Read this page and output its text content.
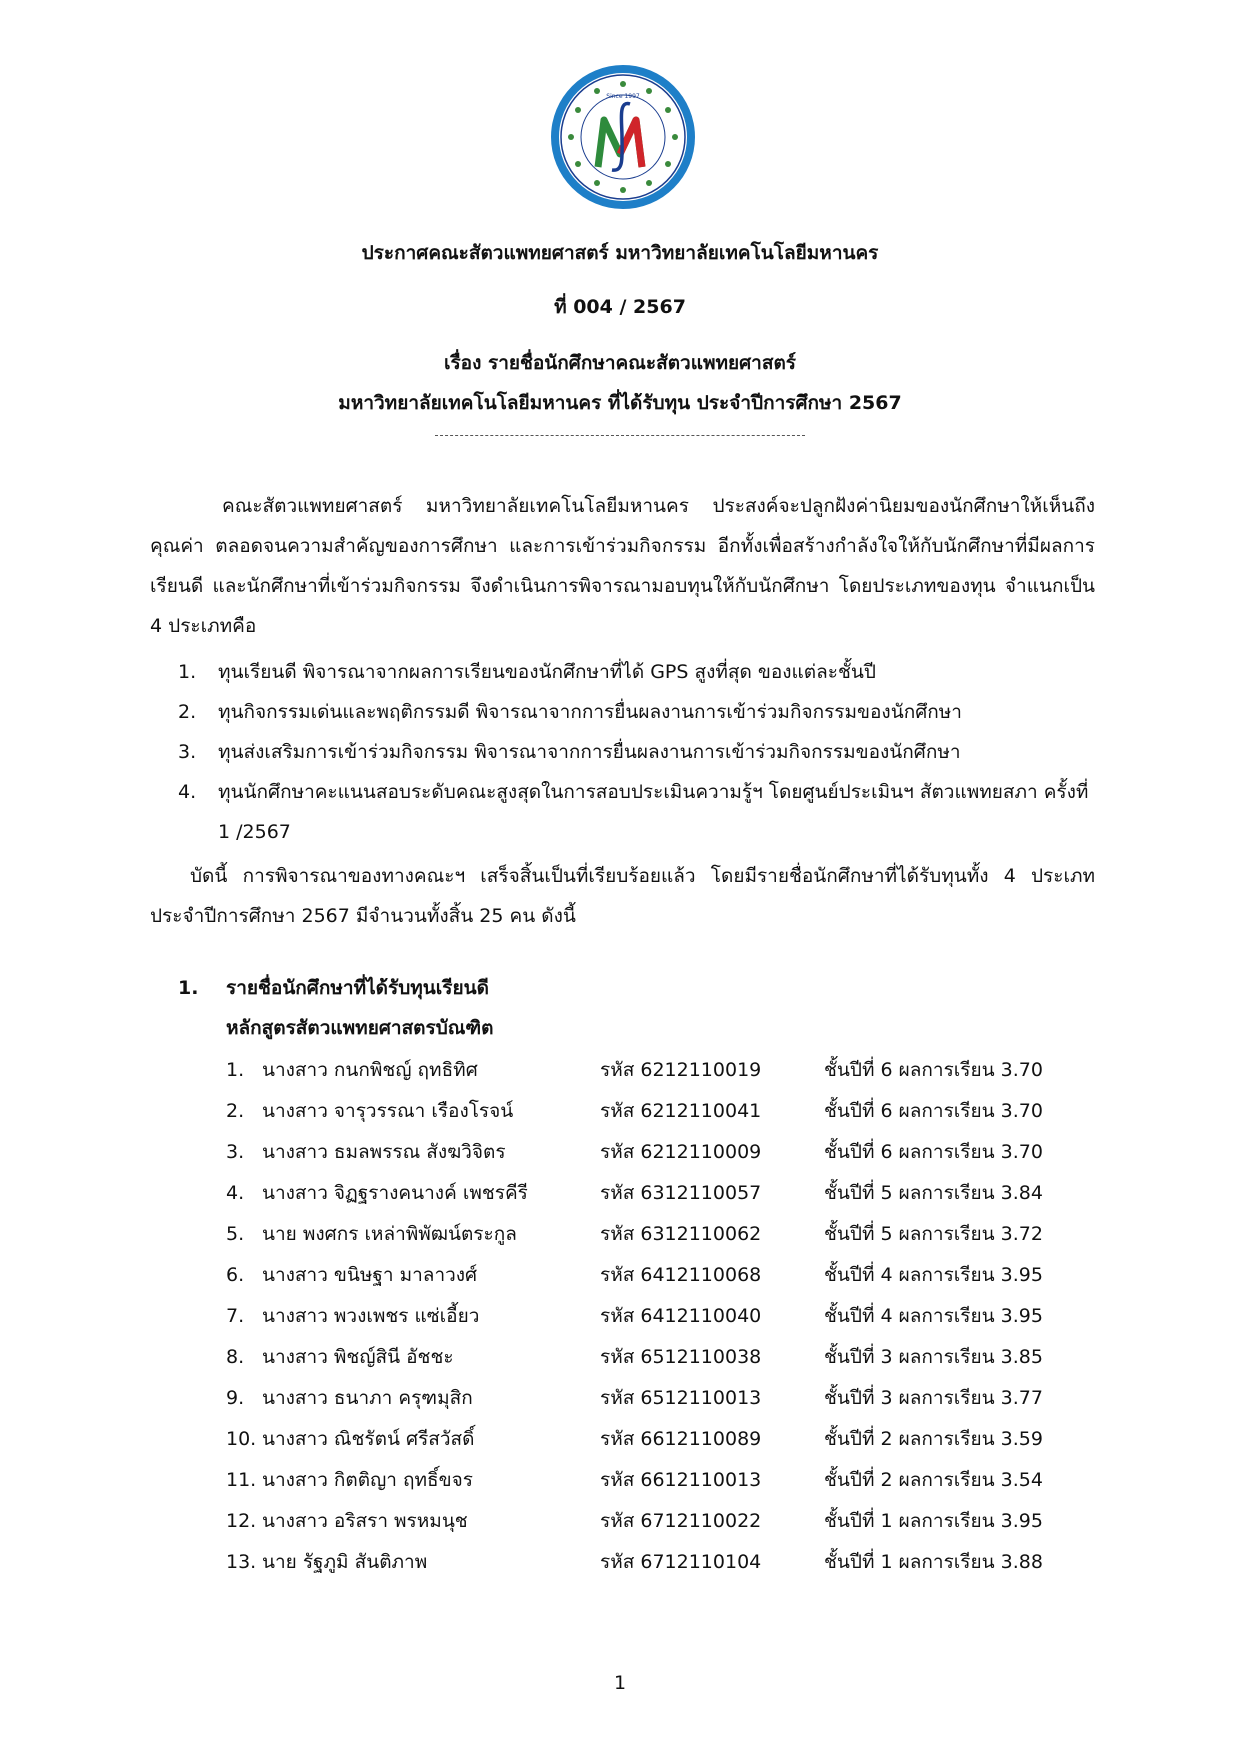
Since 1997
ประกาศคณะสัตวแพทยศาสตร์ มหาวิทยาลัยเทคโนโลยีมหานคร
ที่ 004 / 2567
เรื่อง รายชื่อนักศึกษาคณะสัตวแพทยศาสตร์
มหาวิทยาลัยเทคโนโลยีมหานคร ที่ได้รับทุน ประจำปีการศึกษา 2567

คณะสัตวแพทยศาสตร์ มหาวิทยาลัยเทคโนโลยีมหานคร ประสงค์จะปลูกฝังค่านิยมของนักศึกษาให้เห็นถึงคุณค่า ตลอดจนความสำคัญของการศึกษา และการเข้าร่วมกิจกรรม อีกทั้งเพื่อสร้างกำลังใจให้กับนักศึกษาที่มีผลการเรียนดี และนักศึกษาที่เข้าร่วมกิจกรรม จึงดำเนินการพิจารณามอบทุนให้กับนักศึกษา โดยประเภทของทุน จำแนกเป็น 4 ประเภทคือ

1. ทุนเรียนดี พิจารณาจากผลการเรียนของนักศึกษาที่ได้ GPS สูงที่สุด ของแต่ละชั้นปี
2. ทุนกิจกรรมเด่นและพฤติกรรมดี พิจารณาจากการยื่นผลงานการเข้าร่วมกิจกรรมของนักศึกษา
3. ทุนส่งเสริมการเข้าร่วมกิจกรรม พิจารณาจากการยื่นผลงานการเข้าร่วมกิจกรรมของนักศึกษา
4. ทุนนักศึกษาคะแนนสอบระดับคณะสูงสุดในการสอบประเมินความรู้ฯ โดยศูนย์ประเมินฯ สัตวแพทยสภา ครั้งที่ 1 /2567

บัดนี้ การพิจารณาของทางคณะฯ เสร็จสิ้นเป็นที่เรียบร้อยแล้ว โดยมีรายชื่อนักศึกษาที่ได้รับทุนทั้ง 4 ประเภท ประจำปีการศึกษา 2567 มีจำนวนทั้งสิ้น 25 คน ดังนี้

1. รายชื่อนักศึกษาที่ได้รับทุนเรียนดี
หลักสูตรสัตวแพทยศาสตรบัณฑิต
1. นางสาว กนกพิชญ์ ฤทธิทิศ	รหัส 6212110019	ชั้นปีที่ 6 ผลการเรียน 3.70
2. นางสาว จารุวรรณา เรืองโรจน์	รหัส 6212110041	ชั้นปีที่ 6 ผลการเรียน 3.70
3. นางสาว ธมลพรรณ สังฆวิจิตร	รหัส 6212110009	ชั้นปีที่ 6 ผลการเรียน 3.70
4. นางสาว จิฏฐรางคนางค์ เพชรคีรี	รหัส 6312110057	ชั้นปีที่ 5 ผลการเรียน 3.84
5. นาย พงศกร เหล่าพิพัฒน์ตระกูล	รหัส 6312110062	ชั้นปีที่ 5 ผลการเรียน 3.72
6. นางสาว ขนิษฐา มาลาวงศ์	รหัส 6412110068	ชั้นปีที่ 4 ผลการเรียน 3.95
7. นางสาว พวงเพชร แซ่เอี้ยว	รหัส 6412110040	ชั้นปีที่ 4 ผลการเรียน 3.95
8. นางสาว พิชญ์สินี อัชชะ	รหัส 6512110038	ชั้นปีที่ 3 ผลการเรียน 3.85
9. นางสาว ธนาภา ครุฑมุสิก	รหัส 6512110013	ชั้นปีที่ 3 ผลการเรียน 3.77
10. นางสาว ณิชรัตน์ ศรีสวัสดิ์	รหัส 6612110089	ชั้นปีที่ 2 ผลการเรียน 3.59
11. นางสาว กิตติญา ฤทธิ์ขจร	รหัส 6612110013	ชั้นปีที่ 2 ผลการเรียน 3.54
12. นางสาว อริสรา พรหมนุช	รหัส 6712110022	ชั้นปีที่ 1 ผลการเรียน 3.95
13. นาย รัฐภูมิ สันติภาพ	รหัส 6712110104	ชั้นปีที่ 1 ผลการเรียน 3.88
1
